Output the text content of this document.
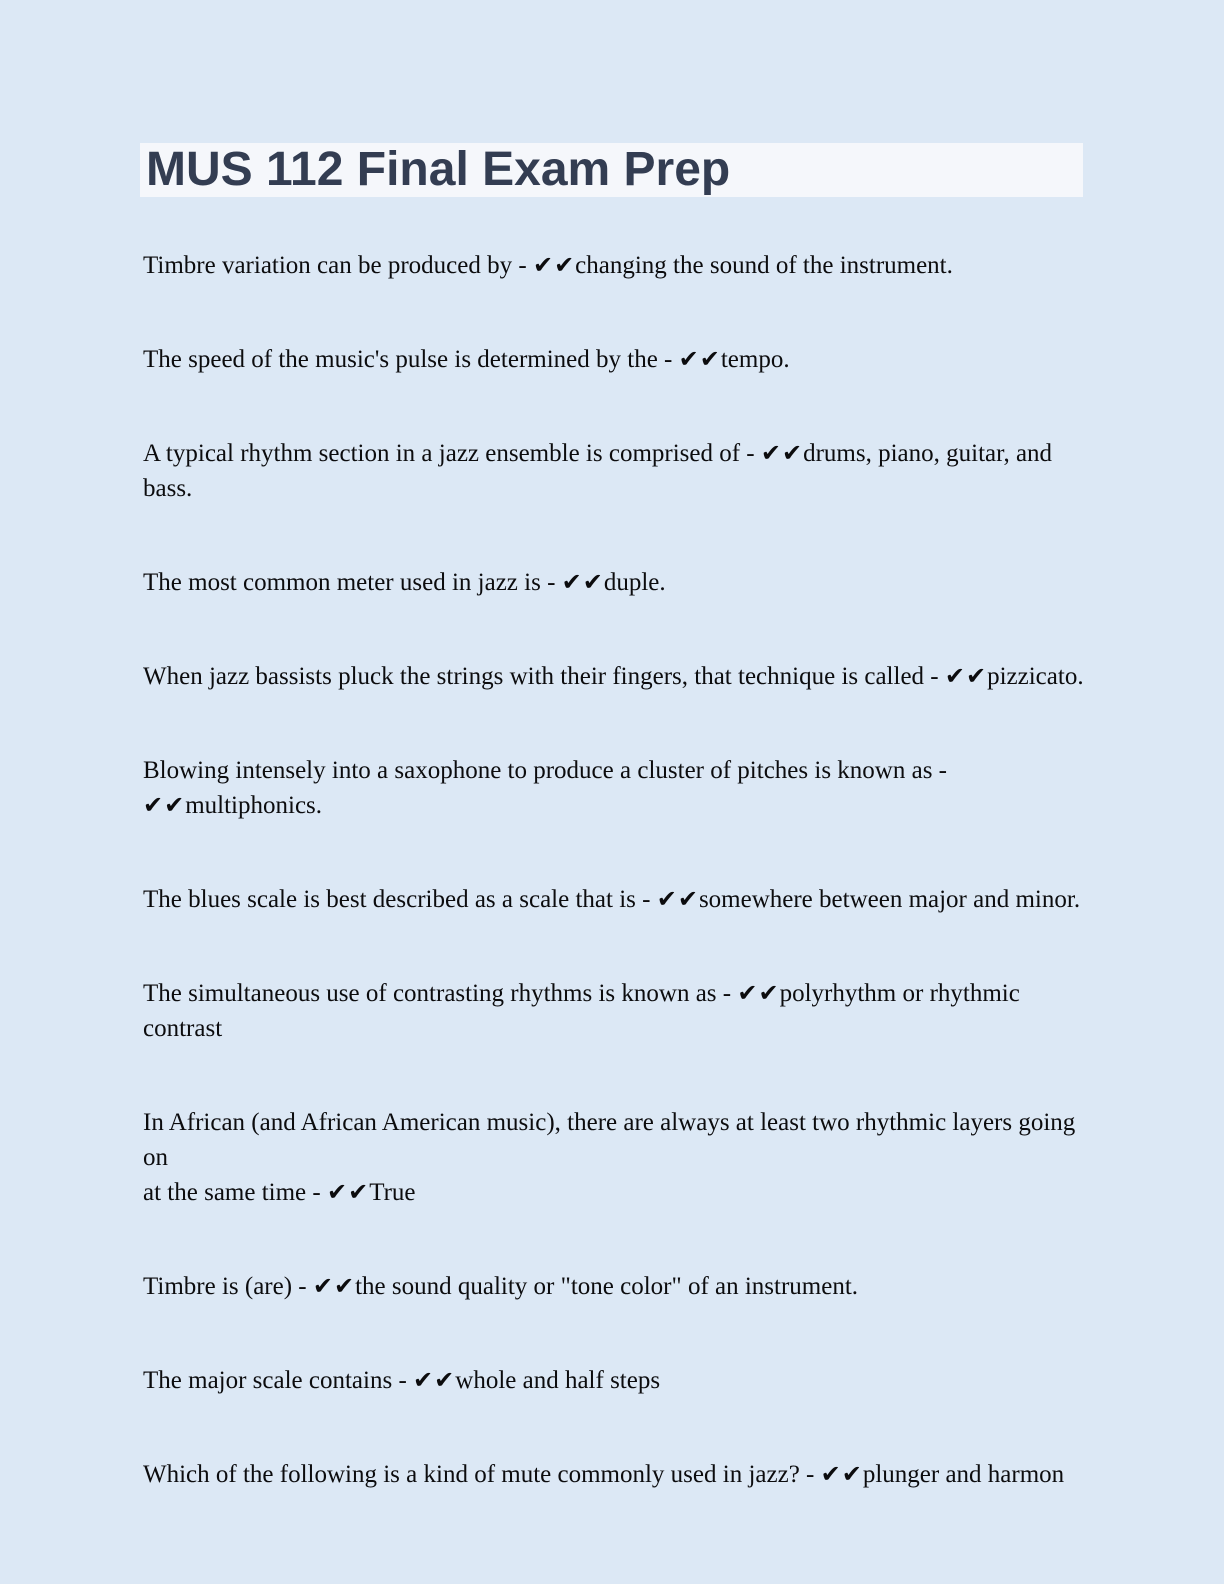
MUS 112 Final Exam Prep

Timbre variation can be produced by - ✔✔changing the sound of the instrument.

The speed of the music's pulse is determined by the - ✔✔tempo.

A typical rhythm section in a jazz ensemble is comprised of - ✔✔drums, piano, guitar, and bass.

The most common meter used in jazz is - ✔✔duple.

When jazz bassists pluck the strings with their fingers, that technique is called - ✔✔pizzicato.

Blowing intensely into a saxophone to produce a cluster of pitches is known as -
✔✔multiphonics.

The blues scale is best described as a scale that is - ✔✔somewhere between major and minor.

The simultaneous use of contrasting rhythms is known as - ✔✔polyrhythm or rhythmic contrast

In African (and African American music), there are always at least two rhythmic layers going on
at the same time - ✔✔True

Timbre is (are) - ✔✔the sound quality or "tone color" of an instrument.

The major scale contains - ✔✔whole and half steps

Which of the following is a kind of mute commonly used in jazz? - ✔✔plunger and harmon
